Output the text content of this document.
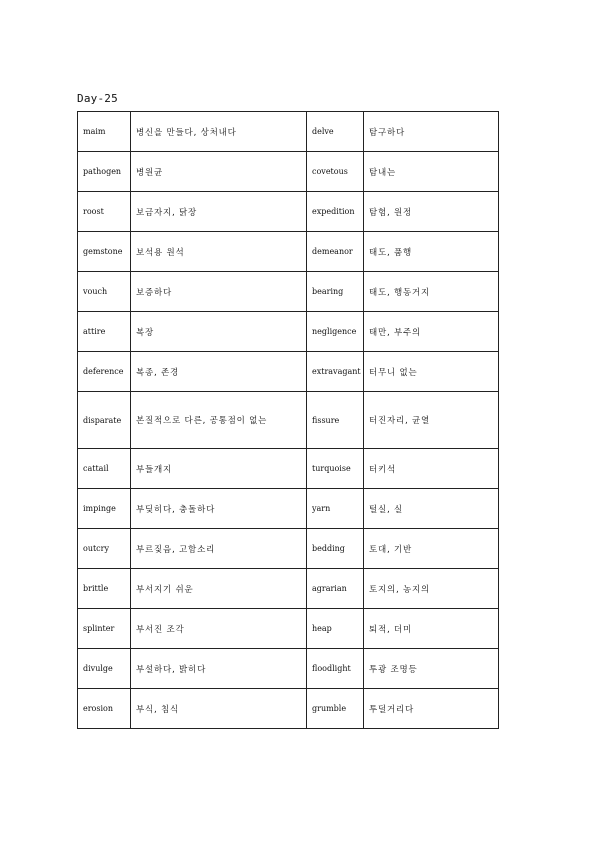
Day-25
maim	병신을 만들다, 상처내다	delve	탐구하다
pathogen	병원균	covetous	탐내는
roost	보금자지, 닭장	expedition	탐험, 원정
gemstone	보석용 원석	demeanor	태도, 품행
vouch	보증하다	bearing	태도, 행동거지
attire	복장	negligence	태만, 부주의
deference	복종, 존경	extravagant	터무니 없는
disparate	본질적으로 다른, 공통점이 없는	fissure	터진자리, 균열
cattail	부들개지	turquoise	터키석
impinge	부딪히다, 충돌하다	yarn	털실, 실
outcry	부르짖음, 고함소리	bedding	토대, 기반
brittle	부서지기 쉬운	agrarian	토지의, 농지의
splinter	부서진 조각	heap	퇴적, 더미
divulge	부설하다, 밝히다	floodlight	투광 조명등
erosion	부식, 침식	grumble	투덜거리다
